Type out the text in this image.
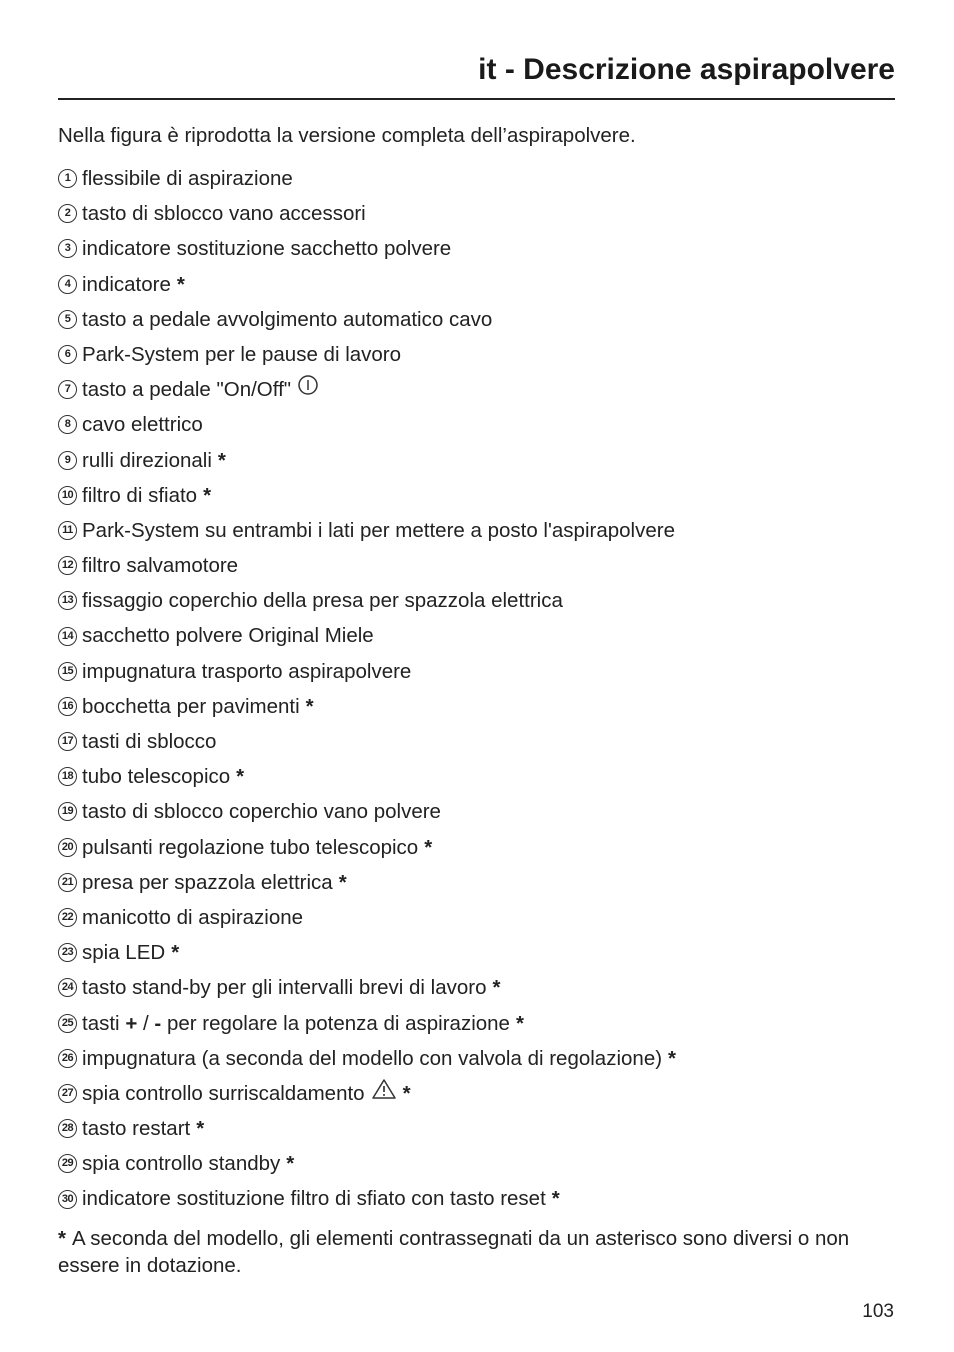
it - Descrizione aspirapolvere
Nella figura è riprodotta la versione completa dell’aspirapolvere.
1 flessibile di aspirazione
2 tasto di sblocco vano accessori
3 indicatore sostituzione sacchetto polvere
4 indicatore *
5 tasto a pedale avvolgimento automatico cavo
6 Park-System per le pause di lavoro
7 tasto a pedale "On/Off"
8 cavo elettrico
9 rulli direzionali *
10 filtro di sfiato *
11 Park-System su entrambi i lati per mettere a posto l'aspirapolvere
12 filtro salvamotore
13 fissaggio coperchio della presa per spazzola elettrica
14 sacchetto polvere Original Miele
15 impugnatura trasporto aspirapolvere
16 bocchetta per pavimenti *
17 tasti di sblocco
18 tubo telescopico *
19 tasto di sblocco coperchio vano polvere
20 pulsanti regolazione tubo telescopico *
21 presa per spazzola elettrica *
22 manicotto di aspirazione
23 spia LED *
24 tasto stand-by per gli intervalli brevi di lavoro *
25 tasti
+
/
-
per regolare la potenza di aspirazione *
26 impugnatura (a seconda del modello con valvola di regolazione) *
27 spia controllo surriscaldamento *
28 tasto restart *
29 spia controllo standby *
30 indicatore sostituzione filtro di sfiato con tasto reset *
* A seconda del modello, gli elementi contrassegnati da un asterisco sono diversi o non essere in dotazione.
103
